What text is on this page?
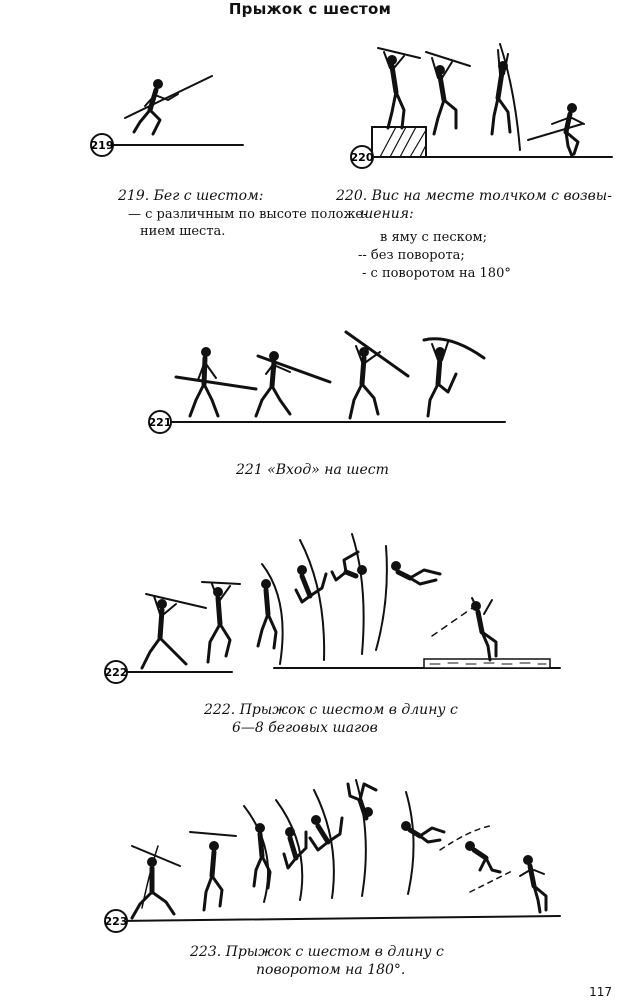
Прыжок с шестом
219
220
219. Бег с шестом:
— с различным по высоте положе-
нием шеста.
220. Вис на месте толчком с возвы-
шения:
в яму с песком;
-- без поворота;
- с поворотом на 180°
221
221 «Вход» на шест
222
222. Прыжок с шестом в длину с
6—8 беговых шагов
223
223. Прыжок с шестом в длину с
поворотом на 180°.
117
